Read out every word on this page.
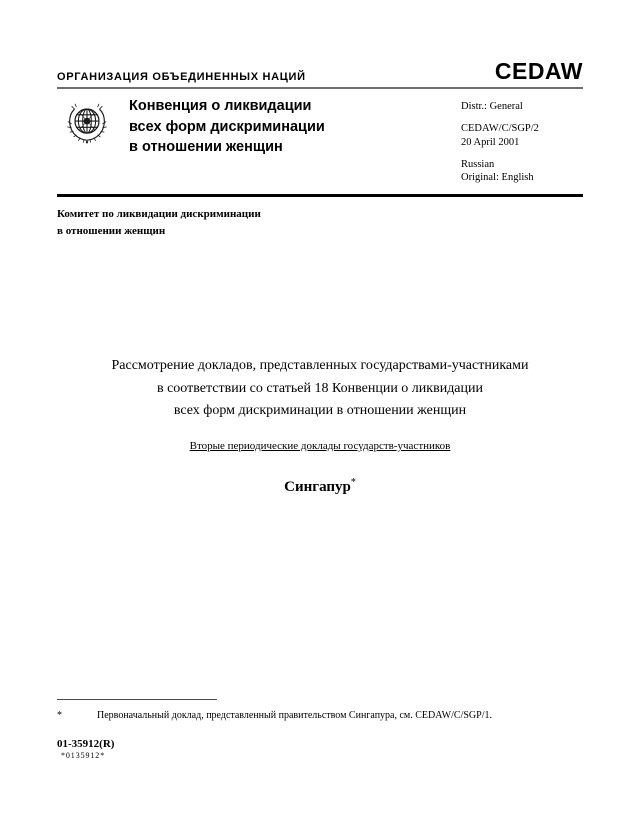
ОРГАНИЗАЦИЯ ОБЪЕДИНЕННЫХ НАЦИЙ	CEDAW
Конвенция о ликвидации
всех форм дискриминации
в отношении женщин
Distr.: General
CEDAW/C/SGP/2
20 April 2001
Russian
Original: English
Комитет по ликвидации дискриминации
в отношении женщин
Рассмотрение докладов, представленных государствами-участниками
в соответствии со статьей 18 Конвенции о ликвидации
всех форм дискриминации в отношении женщин
Вторые периодические доклады государств-участников
Сингапур*
*	Первоначальный доклад, представленный правительством Сингапура, см. CEDAW/C/SGP/1.
01-35912(R)
*0135912*
